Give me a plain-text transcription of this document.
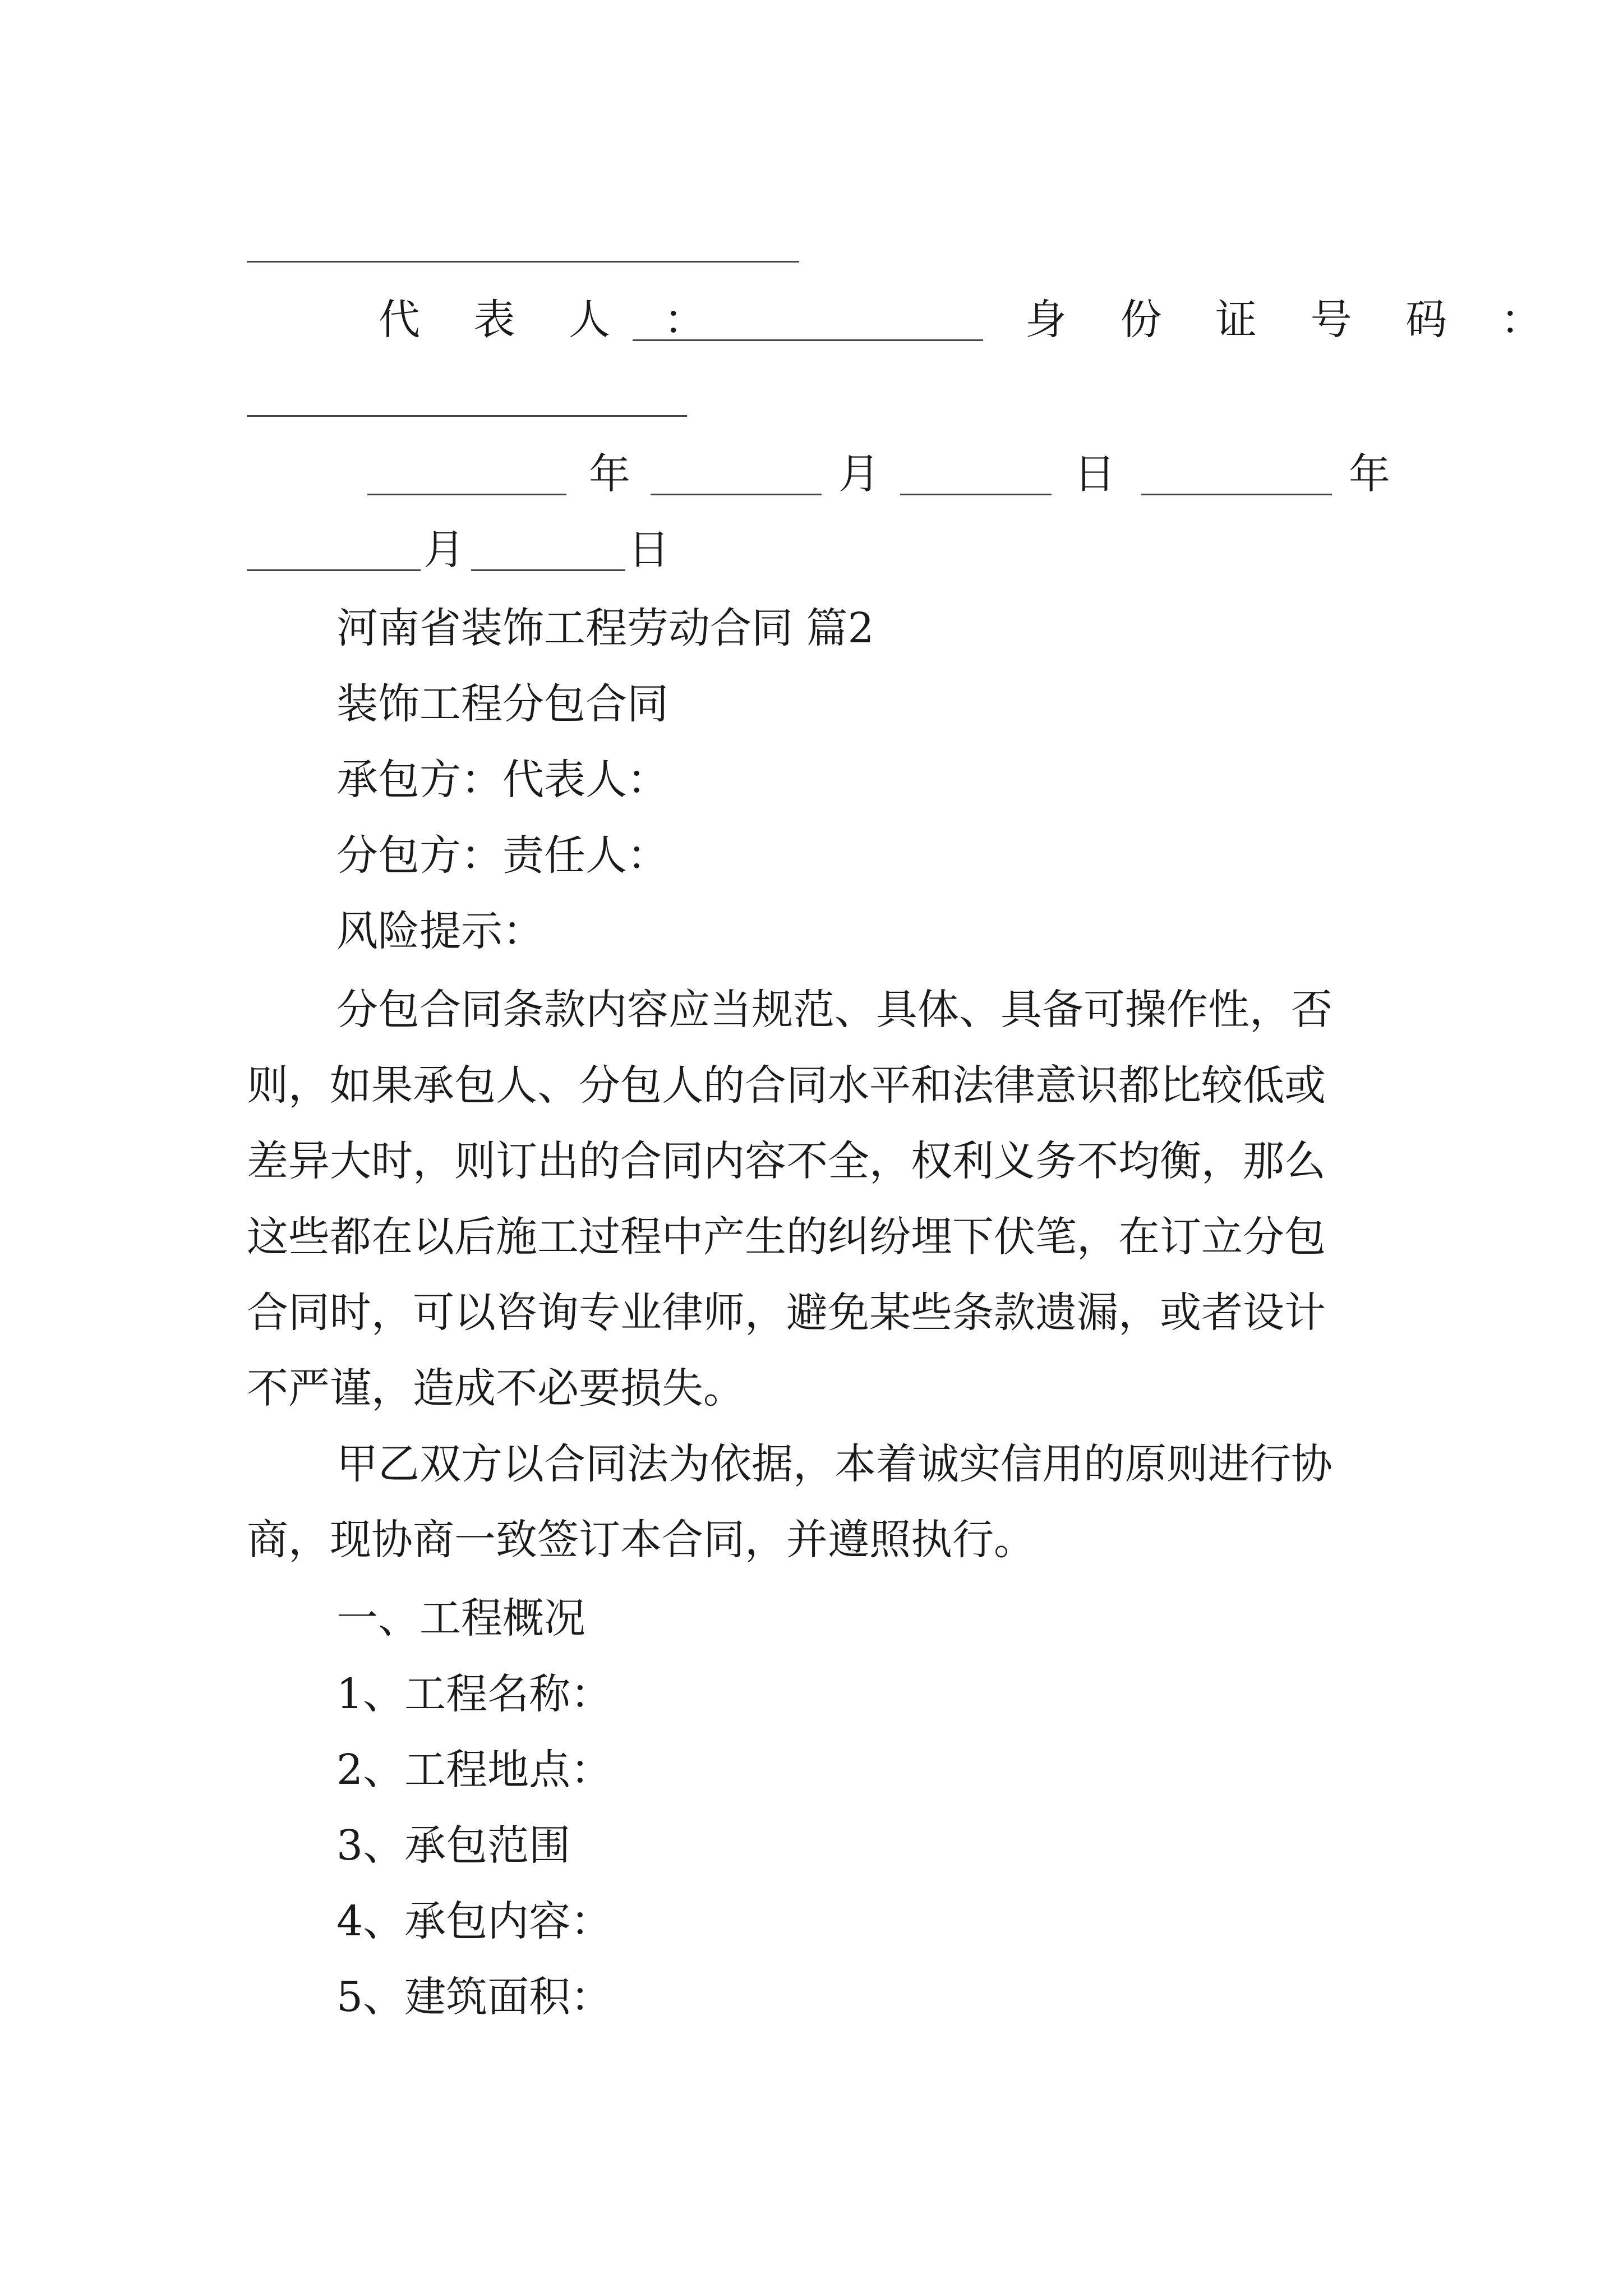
代 表 人 ：	身 份 证 号 码 ：
年	月	日	年
月	日
河南省装饰工程劳动合同 篇2
装饰工程分包合同
承包方：代表人：
分包方：责任人：
风险提示：
分包合同条款内容应当规范、具体、具备可操作性，否
则，如果承包人、分包人的合同水平和法律意识都比较低或
差异大时，则订出的合同内容不全，权利义务不均衡，那么
这些都在以后施工过程中产生的纠纷埋下伏笔，在订立分包
合同时，可以咨询专业律师，避免某些条款遗漏，或者设计
不严谨，造成不必要损失。
甲乙双方以合同法为依据，本着诚实信用的原则进行协
商，现协商一致签订本合同，并遵照执行。
一、工程概况
1、工程名称：
2、工程地点：
3、承包范围
4、承包内容：
5、建筑面积：
